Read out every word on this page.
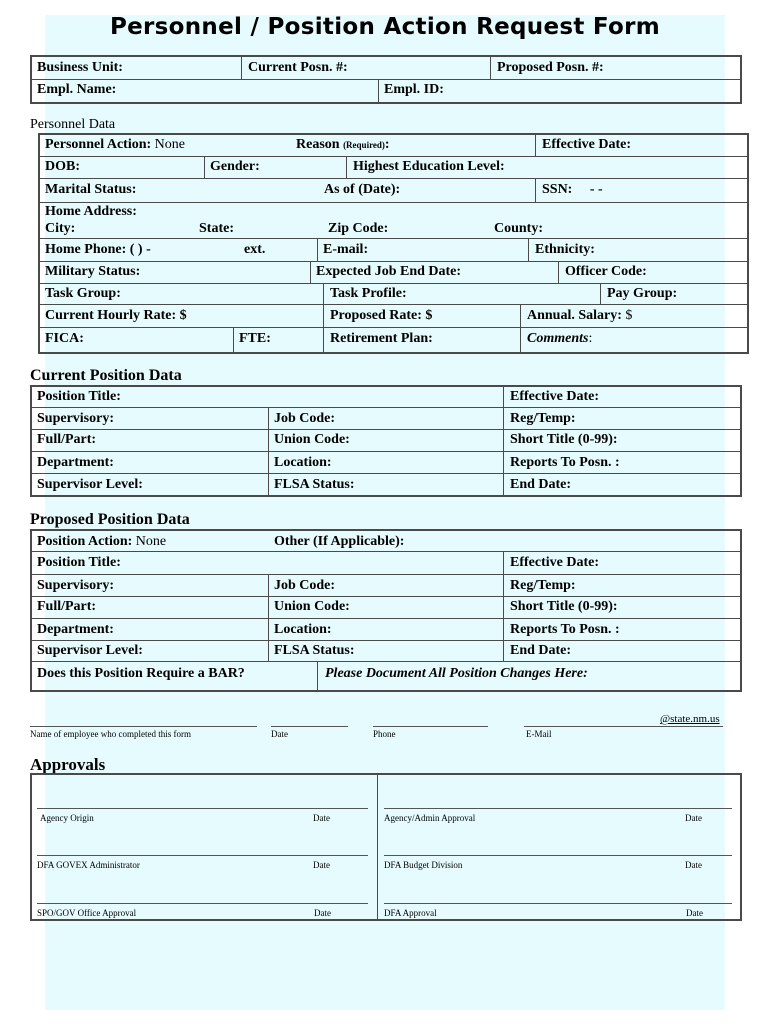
Personnel / Position Action Request Form
Business Unit:	Current Posn. #:	Proposed Posn. #:
Empl. Name:	Empl. ID:
Personnel Data
Personnel Action: None	Reason (Required):	Effective Date:
DOB:	Gender:	Highest Education Level:
Marital Status:	As of (Date):	SSN: - -
Home Address:
City:	State:	Zip Code:	County:
Home Phone: ( ) -	ext.	E-mail:	Ethnicity:
Military Status:	Expected Job End Date:	Officer Code:
Task Group:	Task Profile:	Pay Group:
Current Hourly Rate: $	Proposed Rate: $	Annual. Salary: $
FICA:	FTE:	Retirement Plan:	Comments:
Current Position Data
Position Title:	Effective Date:
Supervisory:	Job Code:	Reg/Temp:
Full/Part:	Union Code:	Short Title (0-99):
Department:	Location:	Reports To Posn. :
Supervisor Level:	FLSA Status:	End Date:
Proposed Position Data
Position Action: None	Other (If Applicable):
Position Title:	Effective Date:
Supervisory:	Job Code:	Reg/Temp:
Full/Part:	Union Code:	Short Title (0-99):
Department:	Location:	Reports To Posn. :
Supervisor Level:	FLSA Status:	End Date:
Does this Position Require a BAR?	Please Document All Position Changes Here:
Name of employee who completed this form	Date	Phone	E-Mail
@state.nm.us
Approvals
Agency Origin	Date
DFA GOVEX Administrator	Date
SPO/GOV Office Approval	Date
Agency/Admin Approval	Date
DFA Budget Division	Date
DFA Approval	Date
